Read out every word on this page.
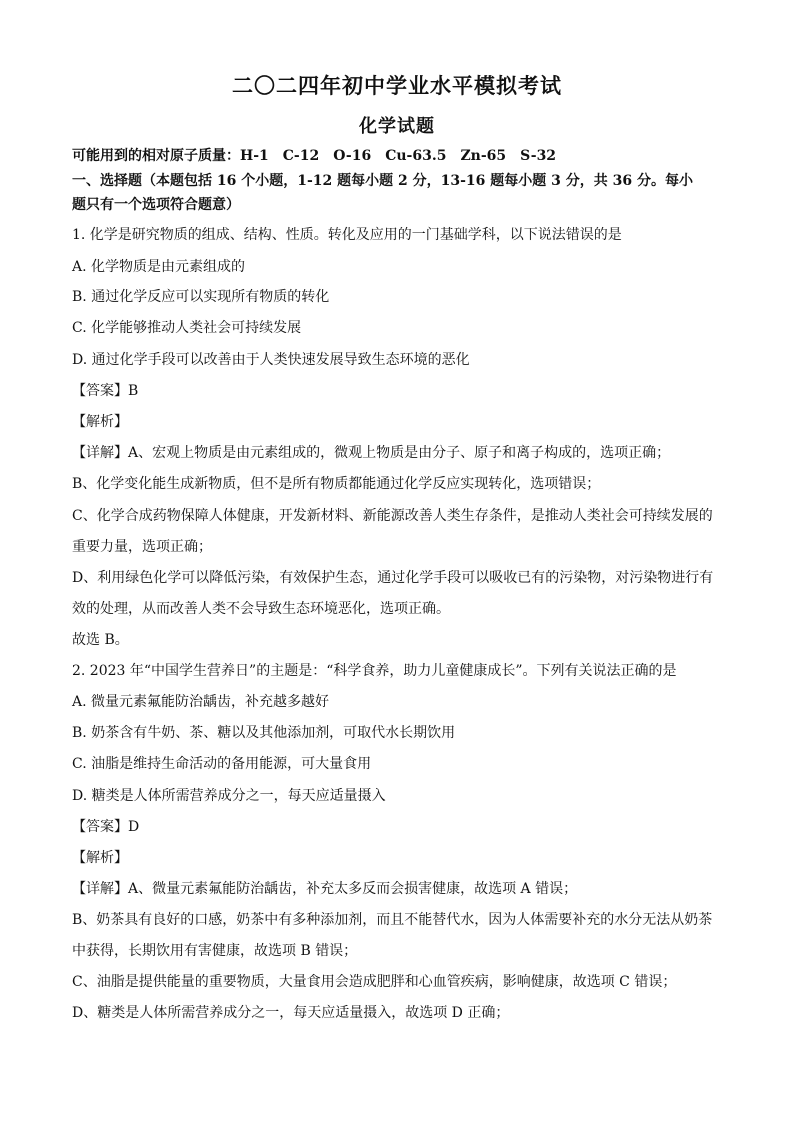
二〇二四年初中学业水平模拟考试
化学试题

可能用到的相对原子质量：H-1　C-12　O-16　Cu-63.5　Zn-65　S-32

一、选择题（本题包括 16 个小题，1-12 题每小题 2 分，13-16 题每小题 3 分，共 36 分。每小

题只有一个选项符合题意）

1. 化学是研究物质的组成、结构、性质。转化及应用的一门基础学科，以下说法错误的是

A. 化学物质是由元素组成的

B. 通过化学反应可以实现所有物质的转化

C. 化学能够推动人类社会可持续发展

D. 通过化学手段可以改善由于人类快速发展导致生态环境的恶化

【答案】B

【解析】

【详解】A、宏观上物质是由元素组成的，微观上物质是由分子、原子和离子构成的，选项正确；

B、化学变化能生成新物质，但不是所有物质都能通过化学反应实现转化，选项错误；

C、化学合成药物保障人体健康，开发新材料、新能源改善人类生存条件，是推动人类社会可持续发展的

重要力量，选项正确；

D、利用绿色化学可以降低污染，有效保护生态，通过化学手段可以吸收已有的污染物，对污染物进行有

效的处理，从而改善人类不会导致生态环境恶化，选项正确。

故选 B。

2. 2023 年“中国学生营养日”的主题是：“科学食养，助力儿童健康成长”。下列有关说法正确的是

A. 微量元素氟能防治龋齿，补充越多越好

B. 奶茶含有牛奶、茶、糖以及其他添加剂，可取代水长期饮用

C. 油脂是维持生命活动的备用能源，可大量食用

D. 糖类是人体所需营养成分之一，每天应适量摄入

【答案】D

【解析】

【详解】A、微量元素氟能防治龋齿，补充太多反而会损害健康，故选项 A 错误；

B、奶茶具有良好的口感，奶茶中有多种添加剂，而且不能替代水，因为人体需要补充的水分无法从奶茶

中获得，长期饮用有害健康，故选项 B 错误；

C、油脂是提供能量的重要物质，大量食用会造成肥胖和心血管疾病，影响健康，故选项 C 错误；

D、糖类是人体所需营养成分之一，每天应适量摄入，故选项 D 正确；
